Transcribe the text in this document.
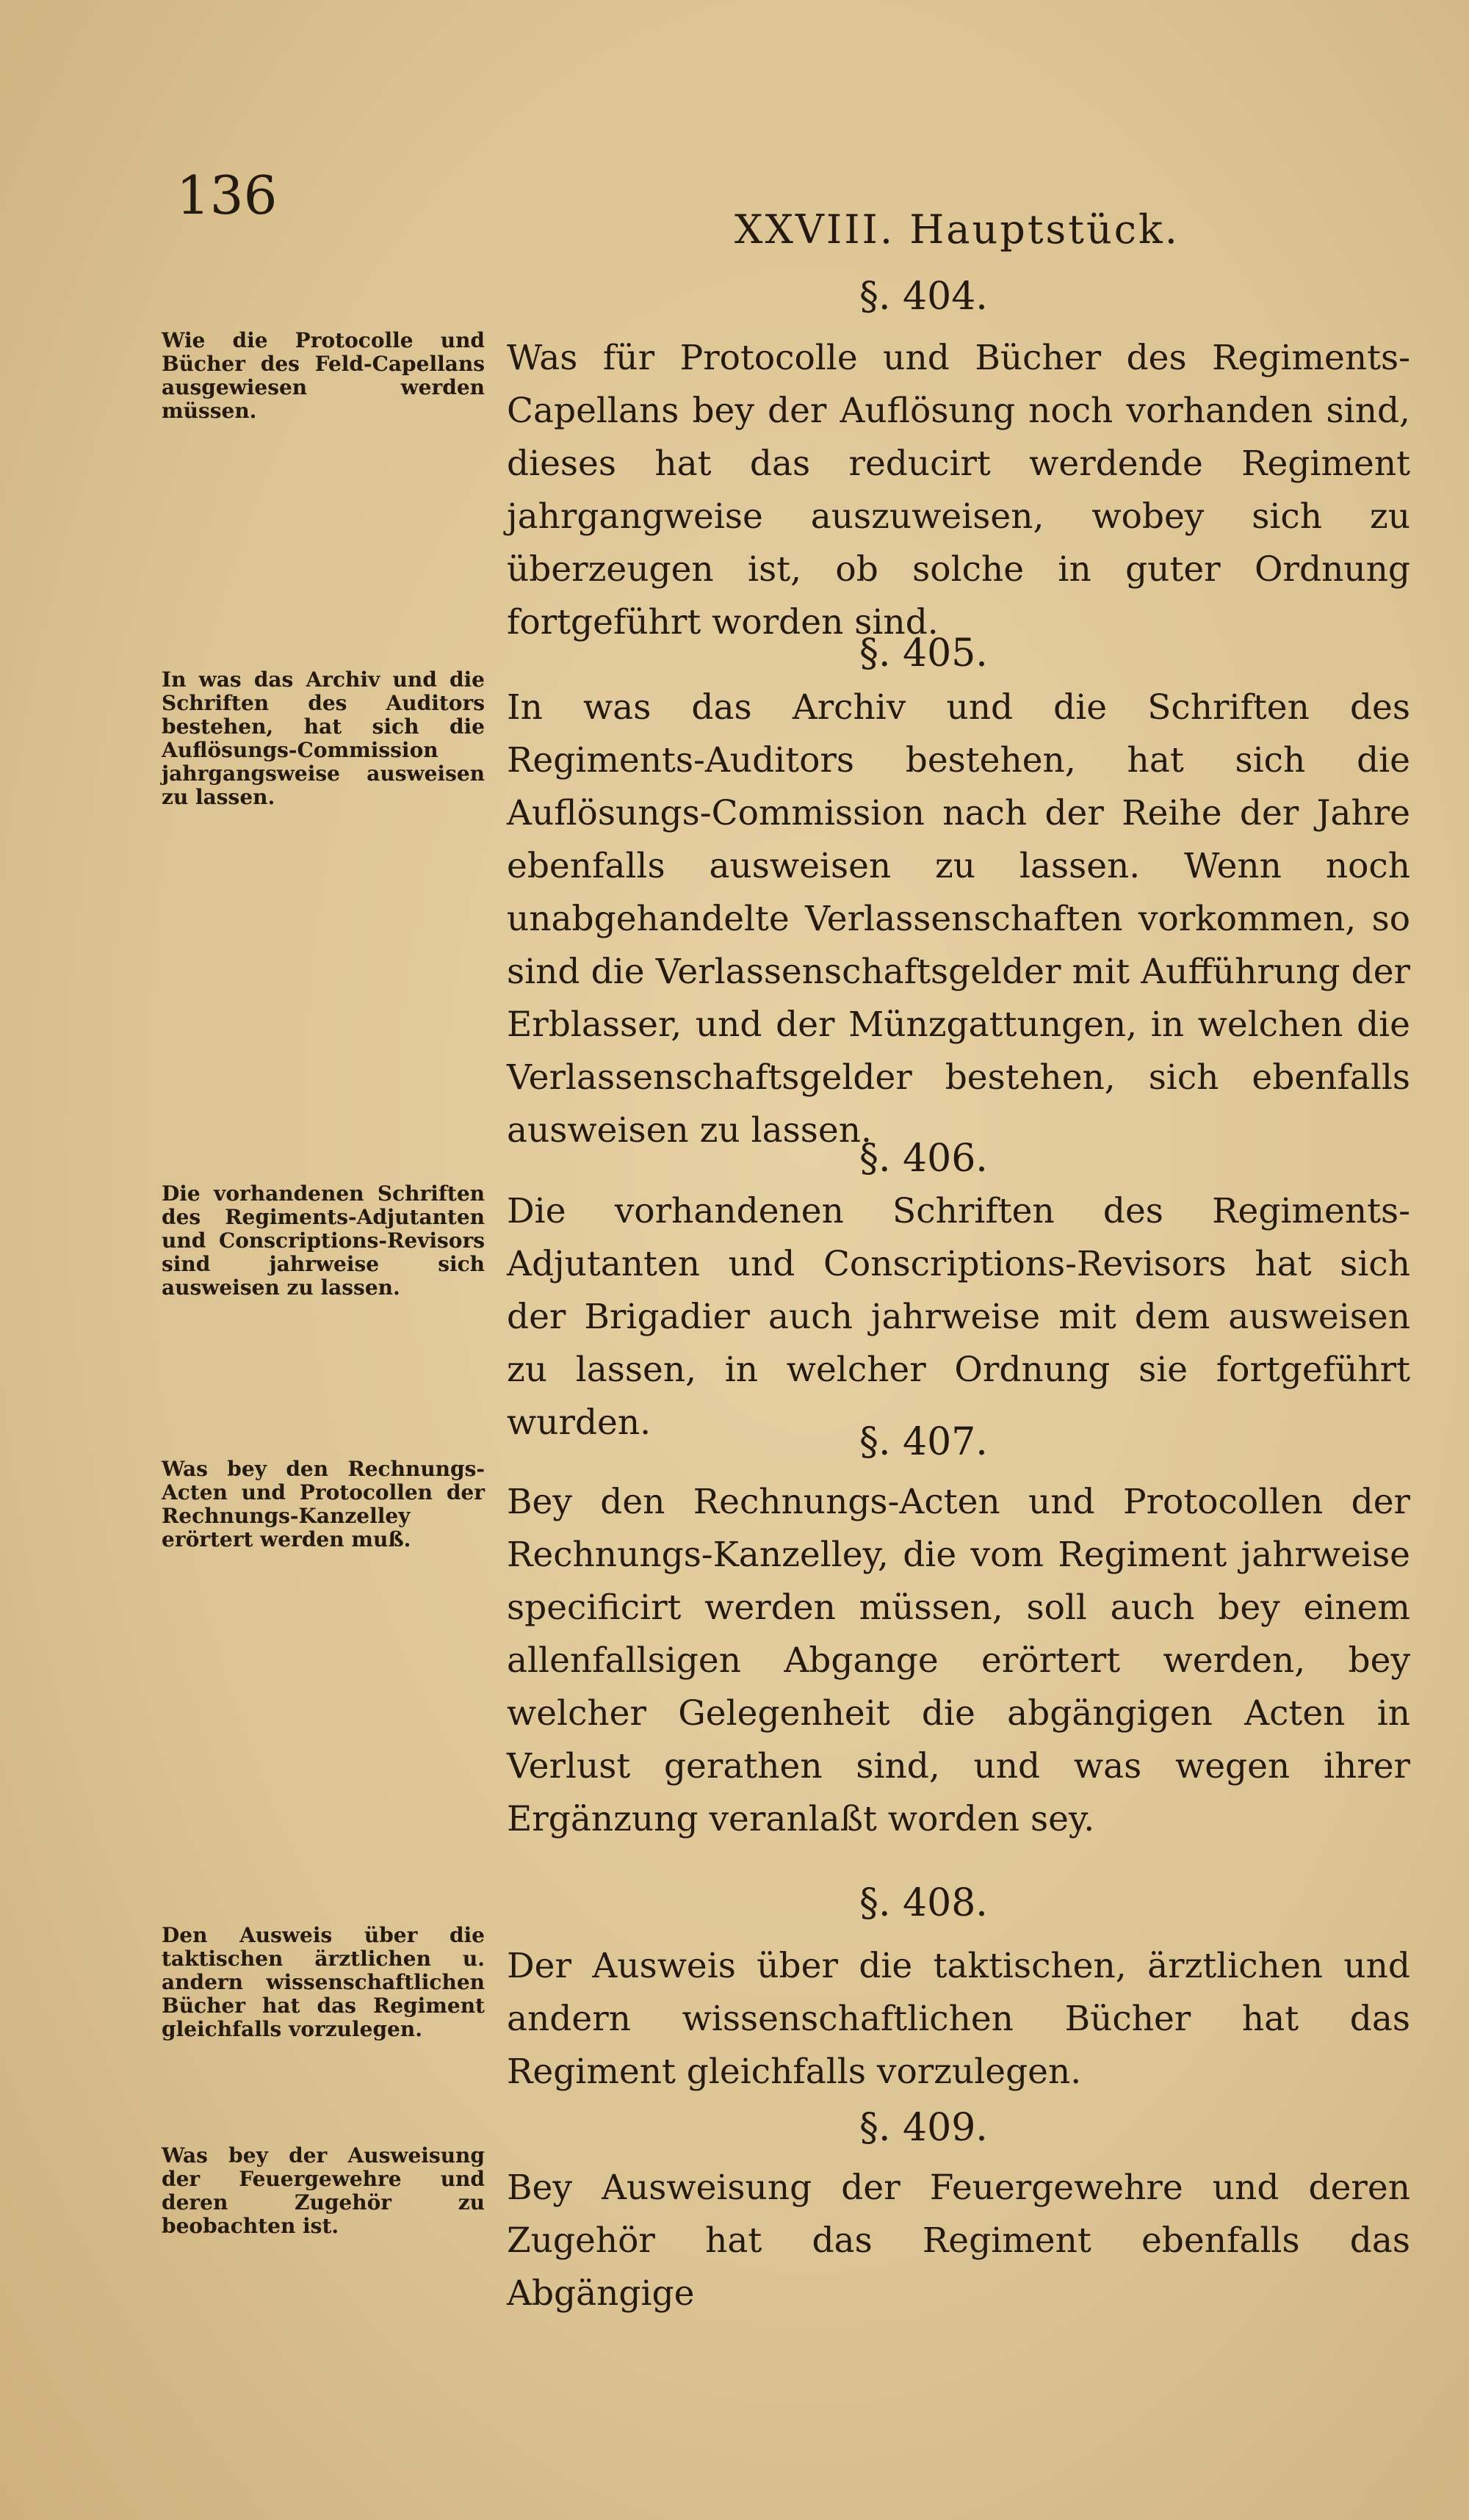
136
XXVIII. Hauptstück.
§. 404.
Wie die Protocolle und Bücher des Feld-Capellans ausgewiesen werden müssen.
Was für Protocolle und Bücher des Regiments-Capellans bey der Auflösung noch vorhanden sind, dieses hat das reducirt werdende Regiment jahrgangweise auszuweisen, wobey sich zu überzeugen ist, ob solche in guter Ordnung fortgeführt worden sind.
§. 405.
In was das Archiv und die Schriften des Auditors bestehen, hat sich die Auflösungs-Commission jahrgangsweise ausweisen zu lassen.
In was das Archiv und die Schriften des Regiments-Auditors bestehen, hat sich die Auflösungs-Commission nach der Reihe der Jahre ebenfalls ausweisen zu lassen. Wenn noch unabgehandelte Verlassenschaften vorkommen, so sind die Verlassenschaftsgelder mit Aufführung der Erblasser, und der Münzgattungen, in welchen die Verlassenschaftsgelder bestehen, sich ebenfalls ausweisen zu lassen.
§. 406.
Die vorhandenen Schriften des Regiments-Adjutanten und Conscriptions-Revisors sind jahrweise sich ausweisen zu lassen.
Die vorhandenen Schriften des Regiments-Adjutanten und Conscriptions-Revisors hat sich der Brigadier auch jahrweise mit dem ausweisen zu lassen, in welcher Ordnung sie fortgeführt wurden.	§. 407.
Was bey den Rechnungs-Acten und Protocollen der Rechnungs-Kanzelley erörtert werden muß.
Bey den Rechnungs-Acten und Protocollen der Rechnungs-Kanzelley, die vom Regiment jahrweise specificirt werden müssen, soll auch bey einem allenfallsigen Abgange erörtert werden, bey welcher Gelegenheit die abgängigen Acten in Verlust gerathen sind, und was wegen ihrer Ergänzung veranlaßt worden sey.
§. 408.
Den Ausweis über die taktischen ärztlichen u. andern wissenschaftlichen Bücher hat das Regiment gleichfalls vorzulegen.
Der Ausweis über die taktischen, ärztlichen und andern wissenschaftlichen Bücher hat das Regiment gleichfalls vorzulegen.
§. 409.
Was bey der Ausweisung der Feuergewehre und deren Zugehör zu beobachten ist.
Bey Ausweisung der Feuergewehre und deren Zugehör hat das Regiment ebenfalls das Abgängige
